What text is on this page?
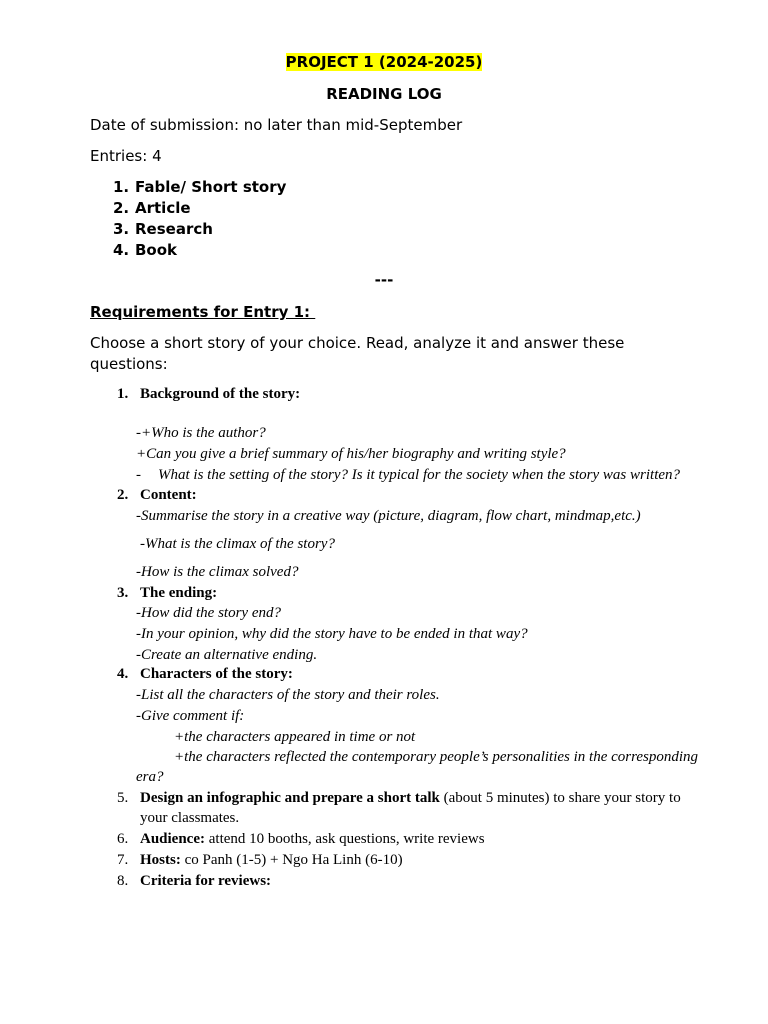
PROJECT 1 (2024-2025)
READING LOG
Date of submission: no later than mid-September
Entries: 4
1. Fable/ Short story
2. Article
3. Research
4. Book
---
Requirements for Entry 1:
Choose a short story of your choice. Read, analyze it and answer these
questions:
1. Background of the story:
-+Who is the author?
+Can you give a brief summary of his/her biography and writing style?
- What is the setting of the story? Is it typical for the society when the story was written?
2. Content:
-Summarise the story in a creative way (picture, diagram, flow chart, mindmap,etc.)
-What is the climax of the story?
-How is the climax solved?
3. The ending:
-How did the story end?
-In your opinion, why did the story have to be ended in that way?
-Create an alternative ending.
4. Characters of the story:
-List all the characters of the story and their roles.
-Give comment if:
+the characters appeared in time or not
+the characters reflected the contemporary people’s personalities in the corresponding
era?
5. Design an infographic and prepare a short talk (about 5 minutes) to share your story to
your classmates.
6. Audience: attend 10 booths, ask questions, write reviews
7. Hosts: co Panh (1-5) + Ngo Ha Linh (6-10)
8. Criteria for reviews:
